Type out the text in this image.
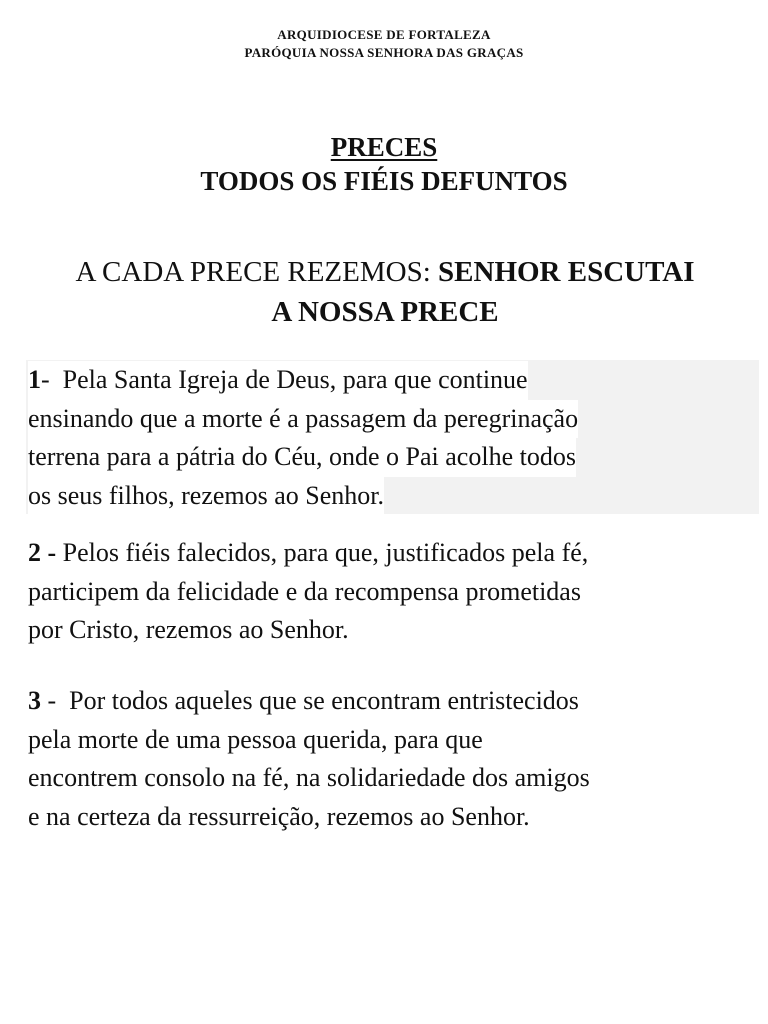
ARQUIDIOCESE DE FORTALEZA
PARÓQUIA NOSSA SENHORA DAS GRAÇAS
PRECES
TODOS OS FIÉIS DEFUNTOS
A CADA PRECE REZEMOS: SENHOR ESCUTAI
A NOSSA PRECE
1- Pela Santa Igreja de Deus, para que continue
ensinando que a morte é a passagem da peregrinação
terrena para a pátria do Céu, onde o Pai acolhe todos
os seus filhos, rezemos ao Senhor.
2 - Pelos fiéis falecidos, para que, justificados pela fé,
participem da felicidade e da recompensa prometidas
por Cristo, rezemos ao Senhor.
3 - Por todos aqueles que se encontram entristecidos
pela morte de uma pessoa querida, para que
encontrem consolo na fé, na solidariedade dos amigos
e na certeza da ressurreição, rezemos ao Senhor.
